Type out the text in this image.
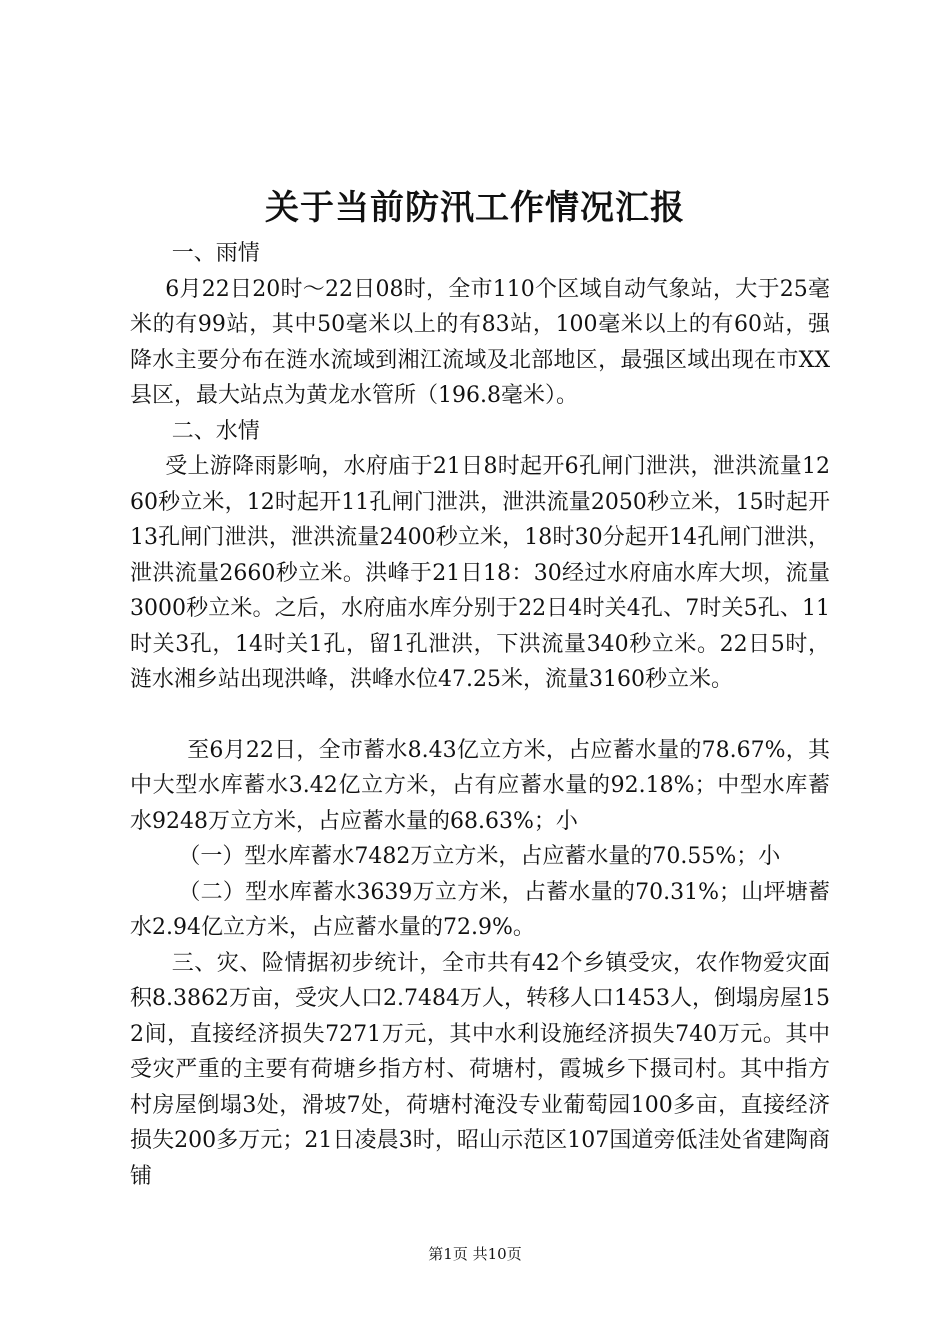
关于当前防汛工作情况汇报

一、雨情

6月22日20时～22日08时，全市110个区域自动气象站，大于25毫米的有99站，其中50毫米以上的有83站，100毫米以上的有60站，强降水主要分布在涟水流域到湘江流域及北部地区，最强区域出现在市XX县区，最大站点为黄龙水管所（196.8毫米）。

二、水情

受上游降雨影响，水府庙于21日8时起开6孔闸门泄洪，泄洪流量1260秒立米，12时起开11孔闸门泄洪，泄洪流量2050秒立米，15时起开13孔闸门泄洪，泄洪流量2400秒立米，18时30分起开14孔闸门泄洪，泄洪流量2660秒立米。洪峰于21日18：30经过水府庙水库大坝，流量3000秒立米。之后，水府庙水库分别于22日4时关4孔、7时关5孔、11时关3孔，14时关1孔，留1孔泄洪，下洪流量340秒立米。22日5时，涟水湘乡站出现洪峰，洪峰水位47.25米，流量3160秒立米。

至6月22日，全市蓄水8.43亿立方米，占应蓄水量的78.67%，其中大型水库蓄水3.42亿立方米，占有应蓄水量的92.18%；中型水库蓄水9248万立方米，占应蓄水量的68.63%；小

（一）型水库蓄水7482万立方米，占应蓄水量的70.55%；小

（二）型水库蓄水3639万立方米，占蓄水量的70.31%；山坪塘蓄水2.94亿立方米，占应蓄水量的72.9%。

三、灾、险情据初步统计，全市共有42个乡镇受灾，农作物爱灾面积8.3862万亩，受灾人口2.7484万人，转移人口1453人，倒塌房屋152间，直接经济损失7271万元，其中水利设施经济损失740万元。其中受灾严重的主要有荷塘乡指方村、荷塘村，霞城乡下摄司村。其中指方村房屋倒塌3处，滑坡7处，荷塘村淹没专业葡萄园100多亩，直接经济损失200多万元；21日凌晨3时，昭山示范区107国道旁低洼处省建陶商铺

第1页 共10页
